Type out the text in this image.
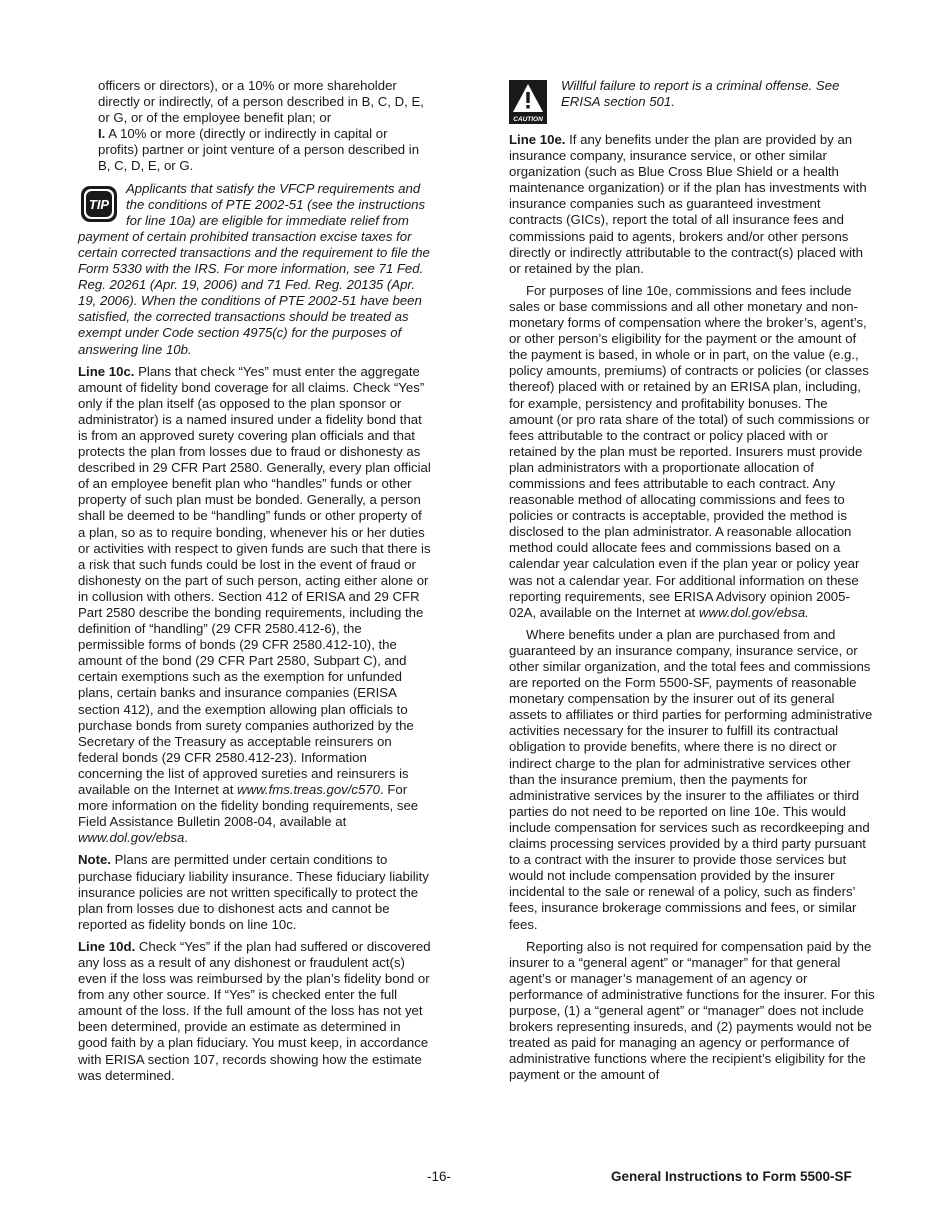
officers or directors), or a 10% or more shareholder directly or indirectly, of a person described in B, C, D, E, or G, or of the employee benefit plan; or

I. A 10% or more (directly or indirectly in capital or profits) partner or joint venture of a person described in B, C, D, E, or G.

TIP
Applicants that satisfy the VFCP requirements and the conditions of PTE 2002-51 (see the instructions for line 10a) are eligible for immediate relief from payment of certain prohibited transaction excise taxes for certain corrected transactions and the requirement to file the Form 5330 with the IRS. For more information, see 71 Fed. Reg. 20261 (Apr. 19, 2006) and 71 Fed. Reg. 20135 (Apr. 19, 2006). When the conditions of PTE 2002-51 have been satisfied, the corrected transactions should be treated as exempt under Code section 4975(c) for the purposes of answering line 10b.

Line 10c. Plans that check “Yes” must enter the aggregate amount of fidelity bond coverage for all claims. Check “Yes” only if the plan itself (as opposed to the plan sponsor or administrator) is a named insured under a fidelity bond that is from an approved surety covering plan officials and that protects the plan from losses due to fraud or dishonesty as described in 29 CFR Part 2580. Generally, every plan official of an employee benefit plan who “handles” funds or other property of such plan must be bonded. Generally, a person shall be deemed to be “handling” funds or other property of a plan, so as to require bonding, whenever his or her duties or activities with respect to given funds are such that there is a risk that such funds could be lost in the event of fraud or dishonesty on the part of such person, acting either alone or in collusion with others. Section 412 of ERISA and 29 CFR Part 2580 describe the bonding requirements, including the definition of “handling” (29 CFR 2580.412-6), the permissible forms of bonds (29 CFR 2580.412-10), the amount of the bond (29 CFR Part 2580, Subpart C), and certain exemptions such as the exemption for unfunded plans, certain banks and insurance companies (ERISA section 412), and the exemption allowing plan officials to purchase bonds from surety companies authorized by the Secretary of the Treasury as acceptable reinsurers on federal bonds (29 CFR 2580.412-23). Information concerning the list of approved sureties and reinsurers is available on the Internet at www.fms.treas.gov/c570. For more information on the fidelity bonding requirements, see Field Assistance Bulletin 2008-04, available at www.dol.gov/ebsa.

Note. Plans are permitted under certain conditions to purchase fiduciary liability insurance. These fiduciary liability insurance policies are not written specifically to protect the plan from losses due to dishonest acts and cannot be reported as fidelity bonds on line 10c.

Line 10d. Check “Yes” if the plan had suffered or discovered any loss as a result of any dishonest or fraudulent act(s) even if the loss was reimbursed by the plan’s fidelity bond or from any other source. If “Yes” is checked enter the full amount of the loss. If the full amount of the loss has not yet been determined, provide an estimate as determined in good faith by a plan fiduciary. You must keep, in accordance with ERISA section 107, records showing how the estimate was determined.

CAUTION
Willful failure to report is a criminal offense. See ERISA section 501.

Line 10e. If any benefits under the plan are provided by an insurance company, insurance service, or other similar organization (such as Blue Cross Blue Shield or a health maintenance organization) or if the plan has investments with insurance companies such as guaranteed investment contracts (GICs), report the total of all insurance fees and commissions paid to agents, brokers and/or other persons directly or indirectly attributable to the contract(s) placed with or retained by the plan.

For purposes of line 10e, commissions and fees include sales or base commissions and all other monetary and non-monetary forms of compensation where the broker’s, agent’s, or other person’s eligibility for the payment or the amount of the payment is based, in whole or in part, on the value (e.g., policy amounts, premiums) of contracts or policies (or classes thereof) placed with or retained by an ERISA plan, including, for example, persistency and profitability bonuses. The amount (or pro rata share of the total) of such commissions or fees attributable to the contract or policy placed with or retained by the plan must be reported. Insurers must provide plan administrators with a proportionate allocation of commissions and fees attributable to each contract. Any reasonable method of allocating commissions and fees to policies or contracts is acceptable, provided the method is disclosed to the plan administrator. A reasonable allocation method could allocate fees and commissions based on a calendar year calculation even if the plan year or policy year was not a calendar year. For additional information on these reporting requirements, see ERISA Advisory opinion 2005-02A, available on the Internet at www.dol.gov/ebsa.

Where benefits under a plan are purchased from and guaranteed by an insurance company, insurance service, or other similar organization, and the total fees and commissions are reported on the Form 5500-SF, payments of reasonable monetary compensation by the insurer out of its general assets to affiliates or third parties for performing administrative activities necessary for the insurer to fulfill its contractual obligation to provide benefits, where there is no direct or indirect charge to the plan for administrative services other than the insurance premium, then the payments for administrative services by the insurer to the affiliates or third parties do not need to be reported on line 10e. This would include compensation for services such as recordkeeping and claims processing services provided by a third party pursuant to a contract with the insurer to provide those services but would not include compensation provided by the insurer incidental to the sale or renewal of a policy, such as finders’ fees, insurance brokerage commissions and fees, or similar fees.

Reporting also is not required for compensation paid by the insurer to a “general agent” or “manager” for that general agent’s or manager’s management of an agency or performance of administrative functions for the insurer. For this purpose, (1) a “general agent” or “manager” does not include brokers representing insureds, and (2) payments would not be treated as paid for managing an agency or performance of administrative functions where the recipient’s eligibility for the payment or the amount of

-16-	General Instructions to Form 5500-SF
